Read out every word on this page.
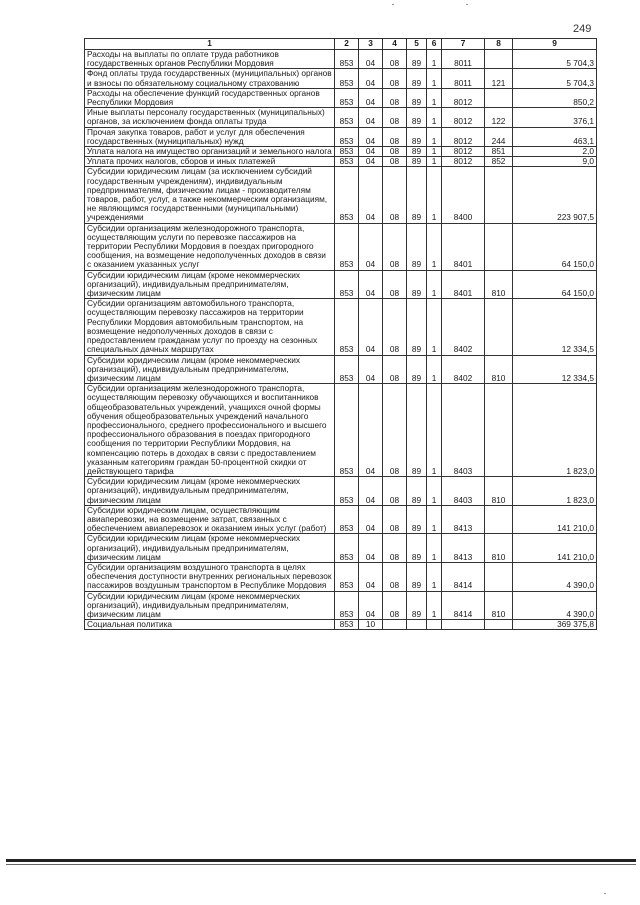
249
1	2	3	4	5	6	7	8	9
Расходы на выплаты по оплате труда работников государственных органов Республики Мордовия	853	04	08	89	1	8011		5 704,3
Фонд оплаты труда государственных (муниципальных) органов и взносы по обязательному социальному страхованию	853	04	08	89	1	8011	121	5 704,3
Расходы на обеспечение функций государственных органов Республики Мордовия	853	04	08	89	1	8012		850,2
Иные выплаты персоналу государственных (муниципальных) органов, за исключением фонда оплаты труда	853	04	08	89	1	8012	122	376,1
Прочая закупка товаров, работ и услуг для обеспечения государственных (муниципальных) нужд	853	04	08	89	1	8012	244	463,1
Уплата налога на имущество организаций и земельного налога	853	04	08	89	1	8012	851	2,0
Уплата прочих налогов, сборов и иных платежей	853	04	08	89	1	8012	852	9,0
Субсидии юридическим лицам (за исключением субсидий государственным учреждениям), индивидуальным предпринимателям, физическим лицам - производителям товаров, работ, услуг, а также некоммерческим организациям, не являющимся государственными (муниципальными) учреждениями	853	04	08	89	1	8400		223 907,5
Субсидии организациям железнодорожного транспорта, осуществляющим услуги по перевозке пассажиров на территории Республики Мордовия в поездах пригородного сообщения, на возмещение недополученных доходов в связи с оказанием указанных услуг	853	04	08	89	1	8401		64 150,0
Субсидии юридическим лицам (кроме некоммерческих организаций), индивидуальным предпринимателям, физическим лицам	853	04	08	89	1	8401	810	64 150,0
Субсидии организациям автомобильного транспорта, осуществляющим перевозку пассажиров на территории Республики Мордовия автомобильным транспортом, на возмещение недополученных доходов в связи с предоставлением гражданам услуг по проезду на сезонных специальных дачных маршрутах	853	04	08	89	1	8402		12 334,5
Субсидии юридическим лицам (кроме некоммерческих организаций), индивидуальным предпринимателям, физическим лицам	853	04	08	89	1	8402	810	12 334,5
Субсидии организациям железнодорожного транспорта, осуществляющим перевозку обучающихся и воспитанников общеобразовательных учреждений, учащихся очной формы обучения общеобразовательных учреждений начального профессионального, среднего профессионального и высшего профессионального образования в поездах пригородного сообщения по территории Республики Мордовия, на компенсацию потерь в доходах в связи с предоставлением указанным категориям граждан 50-процентной скидки от действующего тарифа	853	04	08	89	1	8403		1 823,0
Субсидии юридическим лицам (кроме некоммерческих организаций), индивидуальным предпринимателям, физическим лицам	853	04	08	89	1	8403	810	1 823,0
Субсидии юридическим лицам, осуществляющим авиаперевозки, на возмещение затрат, связанных с обеспечением авиаперевозок и оказанием иных услуг (работ)	853	04	08	89	1	8413		141 210,0
Субсидии юридическим лицам (кроме некоммерческих организаций), индивидуальным предпринимателям, физическим лицам	853	04	08	89	1	8413	810	141 210,0
Субсидии организациям воздушного транспорта в целях обеспечения доступности внутренних региональных перевозок пассажиров воздушным транспортом в Республике Мордовия	853	04	08	89	1	8414		4 390,0
Субсидии юридическим лицам (кроме некоммерческих организаций), индивидуальным предпринимателям, физическим лицам	853	04	08	89	1	8414	810	4 390,0
Социальная политика	853	10						369 375,8
